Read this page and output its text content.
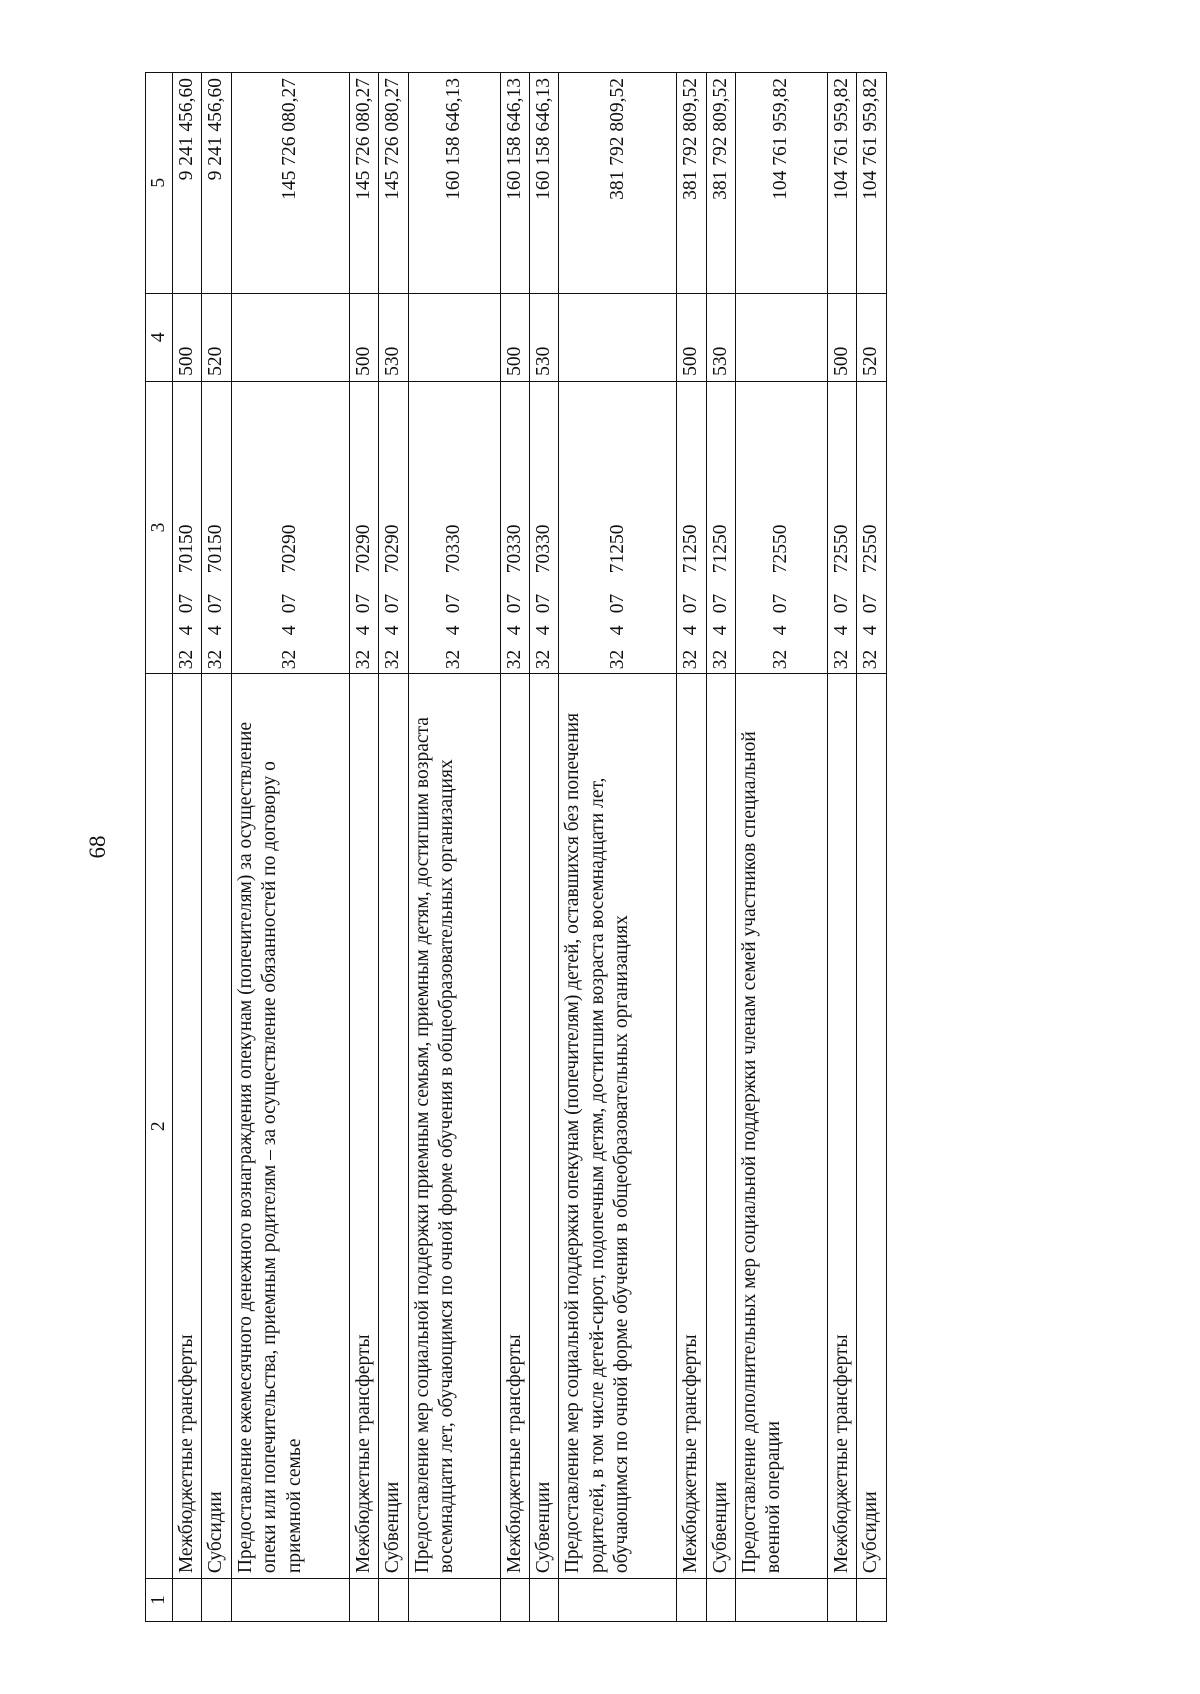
68
1	2	3	4	5
	Межбюджетные трансферты	3240770150	500	9 241 456,60
	Субсидии	3240770150	520	9 241 456,60
	Предоставление ежемесячного денежного вознаграждения опекунам (попечителям) за осуществление опеки или попечительства, приемным родителям – за осуществление обязанностей по договору о приемной семье	3240770290		145 726 080,27
	Межбюджетные трансферты	3240770290	500	145 726 080,27
	Субвенции	3240770290	530	145 726 080,27
	Предоставление мер социальной поддержки приемным семьям, приемным детям, достигшим возраста восемнадцати лет, обучающимся по очной форме обучения в общеобразовательных организациях	3240770330		160 158 646,13
	Межбюджетные трансферты	3240770330	500	160 158 646,13
	Субвенции	3240770330	530	160 158 646,13
	Предоставление мер социальной поддержки опекунам (попечителям) детей, оставшихся без попечения родителей, в том числе детей-сирот, подопечным детям, достигшим возраста восемнадцати лет, обучающимся по очной форме обучения в общеобразовательных организациях	3240771250		381 792 809,52
	Межбюджетные трансферты	3240771250	500	381 792 809,52
	Субвенции	3240771250	530	381 792 809,52
	Предоставление дополнительных мер социальной поддержки членам семей участников специальной военной операции	3240772550		104 761 959,82
	Межбюджетные трансферты	3240772550	500	104 761 959,82
	Субсидии	3240772550	520	104 761 959,82
